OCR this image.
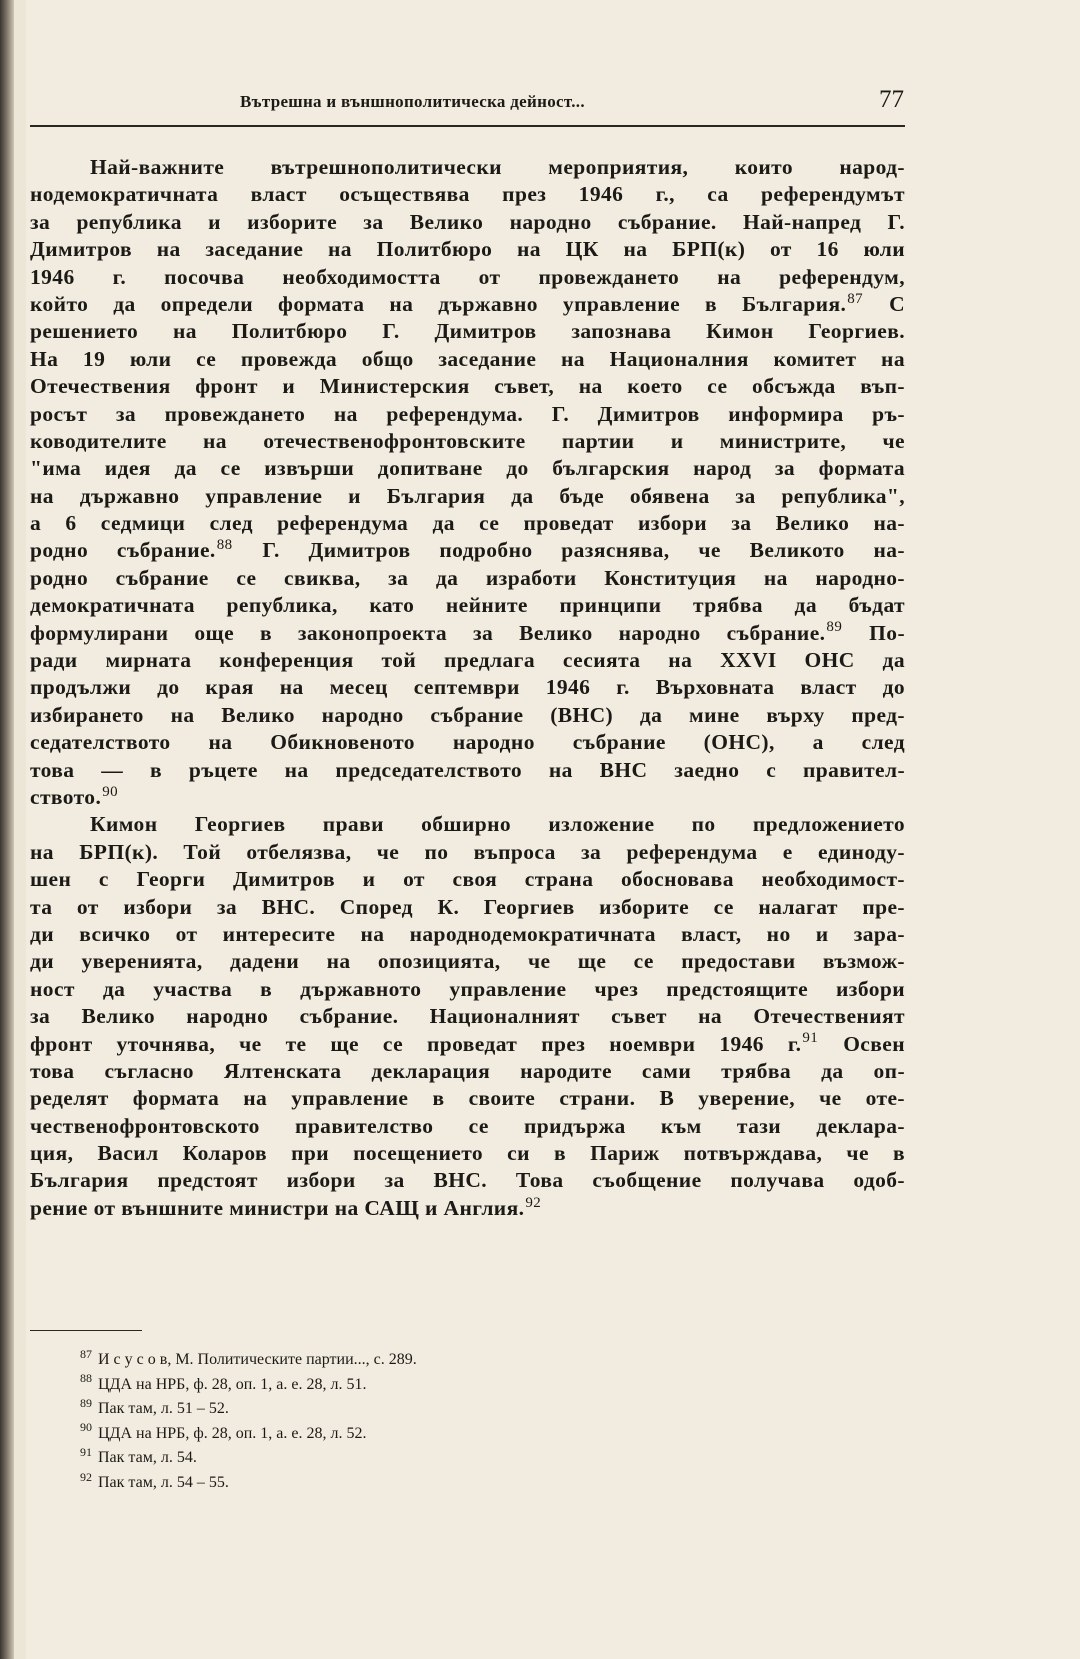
Вътрешна и външнополитическа дейност...	77
Най-важните вътрешнополитически мероприятия, които народ-
нодемократичната власт осъществява през 1946 г., са референдумът
за република и изборите за Велико народно събрание. Най-напред Г.
Димитров на заседание на Политбюро на ЦК на БРП(к) от 16 юли
1946 г. посочва необходимостта от провеждането на референдум,
който да определи формата на държавно управление в България.$^{87}$ С
решението на Политбюро Г. Димитров запознава Кимон Георгиев.
На 19 юли се провежда общо заседание на Националния комитет на
Отечествения фронт и Министерския съвет, на което се обсъжда въп-
росът за провеждането на референдума. Г. Димитров информира ръ-
ководителите на отечественофронтовските партии и министрите, че
"има идея да се извърши допитване до българския народ за формата
на държавно управление и България да бъде обявена за република",
а 6 седмици след референдума да се проведат избори за Велико на-
родно събрание.$^{88}$ Г. Димитров подробно разяснява, че Великото на-
родно събрание се свиква, за да изработи Конституция на народно-
демократичната република, като нейните принципи трябва да бъдат
формулирани още в законопроекта за Велико народно събрание.$^{89}$ По-
ради мирната конференция той предлага сесията на XXVI ОНС да
продължи до края на месец септември 1946 г. Върховната власт до
избирането на Велико народно събрание (ВНС) да мине върху пред-
седателството на Обикновеното народно събрание (ОНС), а след
това — в ръцете на председателството на ВНС заедно с правител-
ството.$^{90}$
Кимон Георгиев прави обширно изложение по предложението
на БРП(к). Той отбелязва, че по въпроса за референдума е единоду-
шен с Георги Димитров и от своя страна обосновава необходимост-
та от избори за ВНС. Според К. Георгиев изборите се налагат пре-
ди всичко от интересите на народнодемократичната власт, но и зара-
ди уверенията, дадени на опозицията, че ще се предостави възмож-
ност да участва в държавното управление чрез предстоящите избори
за Велико народно събрание. Националният съвет на Отечественият
фронт уточнява, че те ще се проведат през ноември 1946 г.$^{91}$ Освен
това съгласно Ялтенската декларация народите сами трябва да оп-
ределят формата на управление в своите страни. В уверение, че оте-
чественофронтовското правителство се придържа към тази деклара-
ция, Васил Коларов при посещението си в Париж потвърждава, че в
България предстоят избори за ВНС. Това съобщение получава одоб-
рение от външните министри на САЩ и Англия.$^{92}$
$^{87}$ И с у с о в, М. Политическите партии..., с. 289.
$^{88}$ ЦДА на НРБ, ф. 28, оп. 1, а. е. 28, л. 51.
$^{89}$ Пак там, л. 51 – 52.
$^{90}$ ЦДА на НРБ, ф. 28, оп. 1, а. е. 28, л. 52.
$^{91}$ Пак там, л. 54.
$^{92}$ Пак там, л. 54 – 55.
